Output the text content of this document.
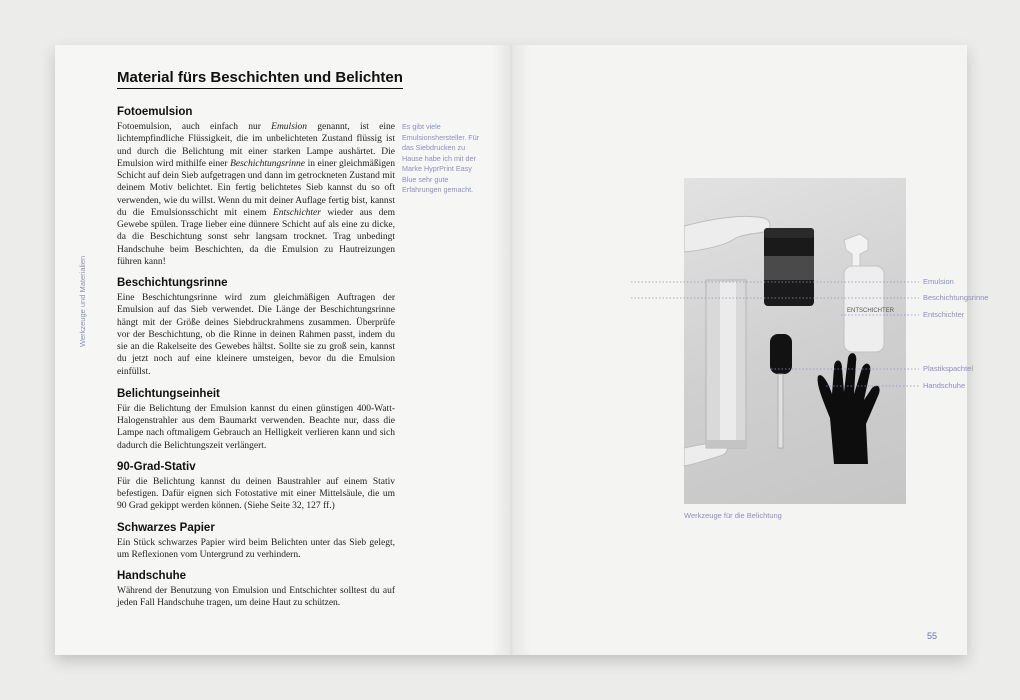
Werkzeuge und Materialien
Material fürs Beschichten und Belichten
Fotoemulsion

Fotoemulsion, auch einfach nur Emulsion genannt, ist eine lichtempfindliche Flüssigkeit, die im unbelichteten Zustand flüssig ist und durch die Belichtung mit einer starken Lampe aushärtet. Die Emulsion wird mithilfe einer Beschichtungsrinne in einer gleichmäßigen Schicht auf dein Sieb aufgetragen und dann im getrockneten Zustand mit deinem Motiv belichtet. Ein fertig belichtetes Sieb kannst du so oft verwenden, wie du willst. Wenn du mit deiner Auflage fertig bist, kannst du die Emulsionsschicht mit einem Entschichter wieder aus dem Gewebe spülen. Trage lieber eine dünnere Schicht auf als eine zu dicke, da die Beschichtung sonst sehr langsam trocknet. Trag unbedingt Handschuhe beim Beschichten, da die Emulsion zu Hautreizungen führen kann!

Beschichtungsrinne

Eine Beschichtungsrinne wird zum gleichmäßigen Auftragen der Emulsion auf das Sieb verwendet. Die Länge der Beschichtungsrinne hängt mit der Größe deines Siebdruckrahmens zusammen. Überprüfe vor der Beschichtung, ob die Rinne in deinen Rahmen passt, indem du sie an die Rakelseite des Gewebes hältst. Sollte sie zu groß sein, kannst du jetzt noch auf eine kleinere umsteigen, bevor du die Emulsion einfüllst.

Belichtungseinheit

Für die Belichtung der Emulsion kannst du einen günstigen 400-Watt-Halogenstrahler aus dem Baumarkt verwenden. Beachte nur, dass die Lampe nach oftmaligem Gebrauch an Helligkeit verlieren kann und sich dadurch die Belichtungszeit verlängert.

90-Grad-Stativ

Für die Belichtung kannst du deinen Baustrahler auf einem Stativ befestigen. Dafür eignen sich Fotostative mit einer Mittelsäule, die um 90 Grad gekippt werden können. (Siehe Seite 32, 127 ff.)

Schwarzes Papier

Ein Stück schwarzes Papier wird beim Belichten unter das Sieb gelegt, um Reflexionen vom Untergrund zu verhindern.

Handschuhe

Während der Benutzung von Emulsion und Entschichter solltest du auf jeden Fall Handschuhe tragen, um deine Haut zu schützen.

Es gibt viele Emulsionshersteller. Für das Siebdrucken zu Hause habe ich mit der Marke HyprPrint Easy Blue sehr gute Erfahrungen gemacht.
ENTSCHICHTER
Emulsion
Beschichtungsrinne
Entschichter
Plastikspachtel
Handschuhe
Werkzeuge für die Belichtung
55
